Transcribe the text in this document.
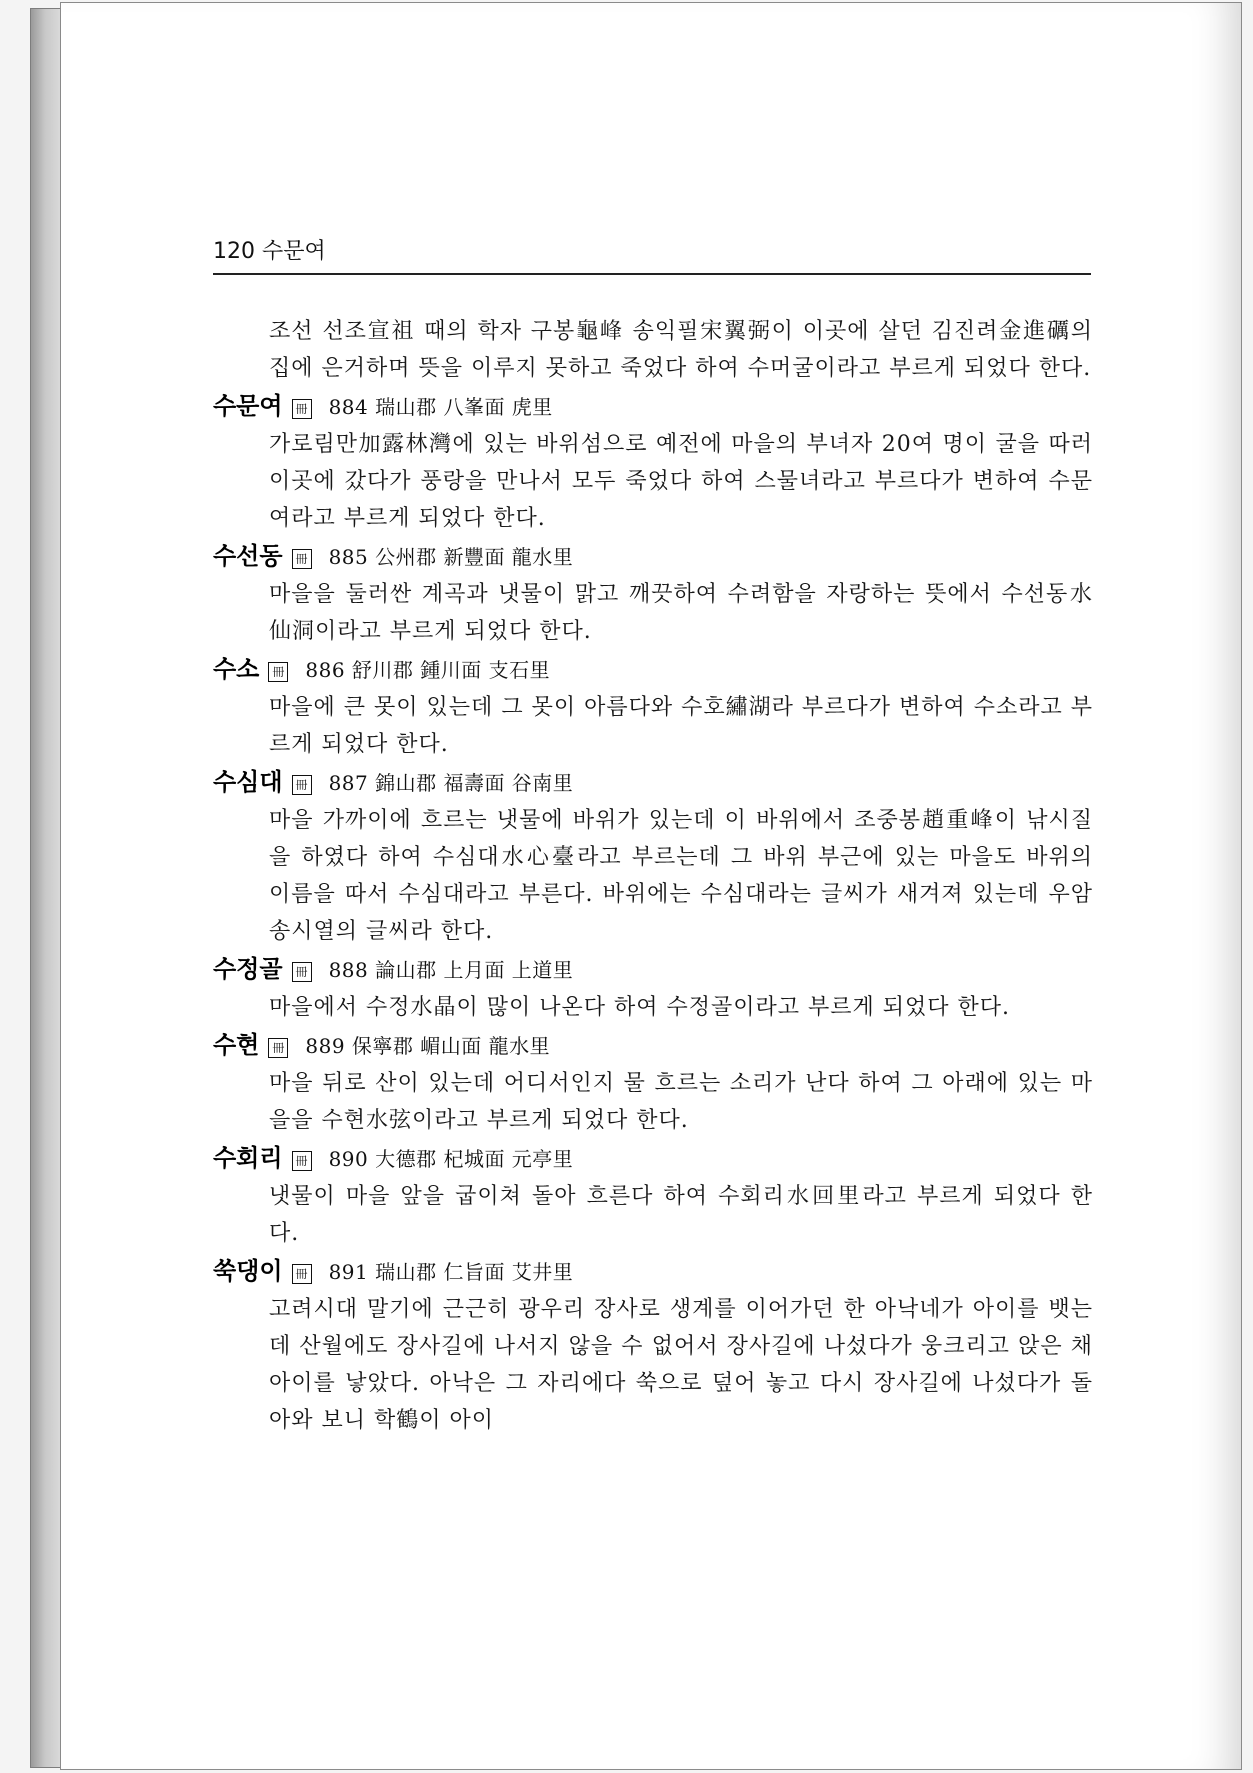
120 수문여

조선 선조宣祖 때의 학자 구봉龜峰 송익필宋翼弼이 이곳에 살던 김진려金進礪의 집에 은거하며 뜻을 이루지 못하고 죽었다 하여 수머굴이라고 부르게 되었다 한다.

수문여 冊 884 瑞山郡 八峯面 虎里

가로림만加露林灣에 있는 바위섬으로 예전에 마을의 부녀자 20여 명이 굴을 따러 이곳에 갔다가 풍랑을 만나서 모두 죽었다 하여 스물녀라고 부르다가 변하여 수문여라고 부르게 되었다 한다.

수선동 冊 885 公州郡 新豐面 龍水里

마을을 둘러싼 계곡과 냇물이 맑고 깨끗하여 수려함을 자랑하는 뜻에서 수선동水仙洞이라고 부르게 되었다 한다.

수소 冊 886 舒川郡 鍾川面 支石里

마을에 큰 못이 있는데 그 못이 아름다와 수호繡湖라 부르다가 변하여 수소라고 부르게 되었다 한다.

수심대 冊 887 錦山郡 福壽面 谷南里

마을 가까이에 흐르는 냇물에 바위가 있는데 이 바위에서 조중봉趙重峰이 낚시질을 하였다 하여 수심대水心臺라고 부르는데 그 바위 부근에 있는 마을도 바위의 이름을 따서 수심대라고 부른다. 바위에는 수심대라는 글씨가 새겨져 있는데 우암 송시열의 글씨라 한다.

수정골 冊 888 論山郡 上月面 上道里

마을에서 수정水晶이 많이 나온다 하여 수정골이라고 부르게 되었다 한다.

수현 冊 889 保寧郡 嵋山面 龍水里

마을 뒤로 산이 있는데 어디서인지 물 흐르는 소리가 난다 하여 그 아래에 있는 마을을 수현水弦이라고 부르게 되었다 한다.

수회리 冊 890 大德郡 杞城面 元亭里

냇물이 마을 앞을 굽이쳐 돌아 흐른다 하여 수회리水回里라고 부르게 되었다 한다.

쑥댕이 冊 891 瑞山郡 仁旨面 艾井里

고려시대 말기에 근근히 광우리 장사로 생계를 이어가던 한 아낙네가 아이를 뱃는데 산월에도 장사길에 나서지 않을 수 없어서 장사길에 나섰다가 웅크리고 앉은 채 아이를 낳았다. 아낙은 그 자리에다 쑥으로 덮어 놓고 다시 장사길에 나섰다가 돌아와 보니 학鶴이 아이
